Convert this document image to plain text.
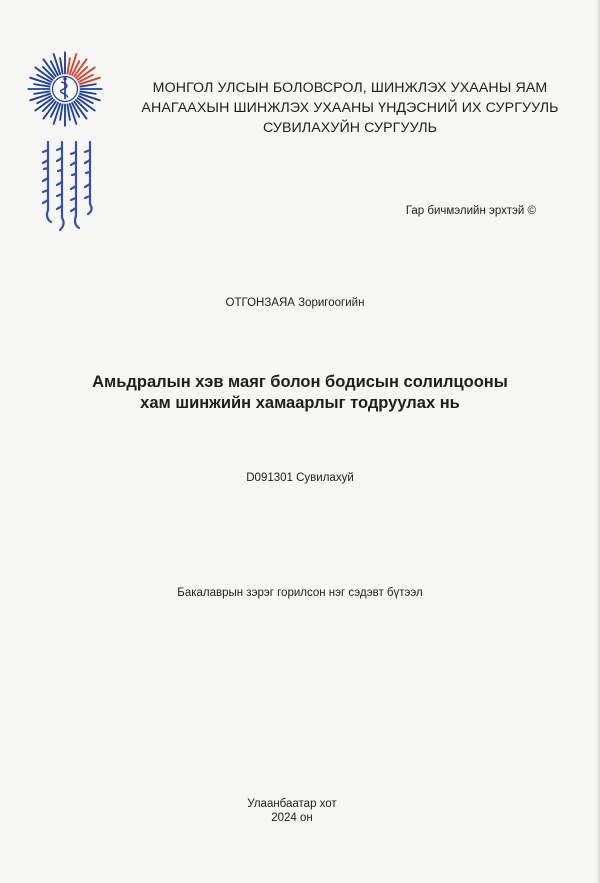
МОНГОЛ УЛСЫН БОЛОВСРОЛ, ШИНЖЛЭХ УХААНЫ ЯАМ
АНАГААХЫН ШИНЖЛЭХ УХААНЫ ҮНДЭСНИЙ ИХ СУРГУУЛЬ
СУВИЛАХУЙН СУРГУУЛЬ
Гар бичмэлийн эрхтэй ©
ОТГОНЗАЯА Зоригоогийн
Амьдралын хэв маяг болон бодисын солилцооны
хам шинжийн хамаарлыг тодруулах нь
D091301 Сувилахуй
Бакалаврын зэрэг горилсон нэг сэдэвт бүтээл
Улаанбаатар хот
2024 он
